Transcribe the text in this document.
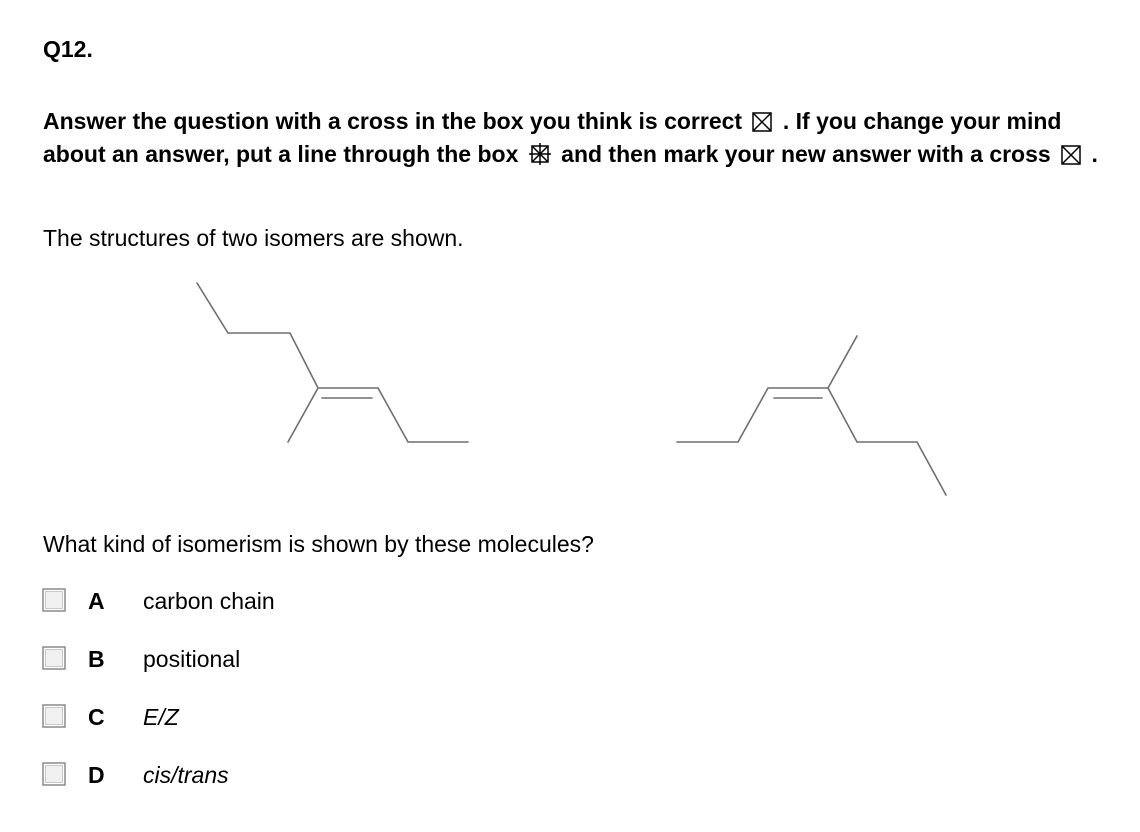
Q12.
Answer the question with a cross in the box you think is correct ☒ . If you change your mind about an answer, put a line through the box and then mark your new answer with a cross ☒ .
The structures of two isomers are shown.
What kind of isomerism is shown by these molecules?
A carbon chain
B positional
C E/Z
D cis/trans
